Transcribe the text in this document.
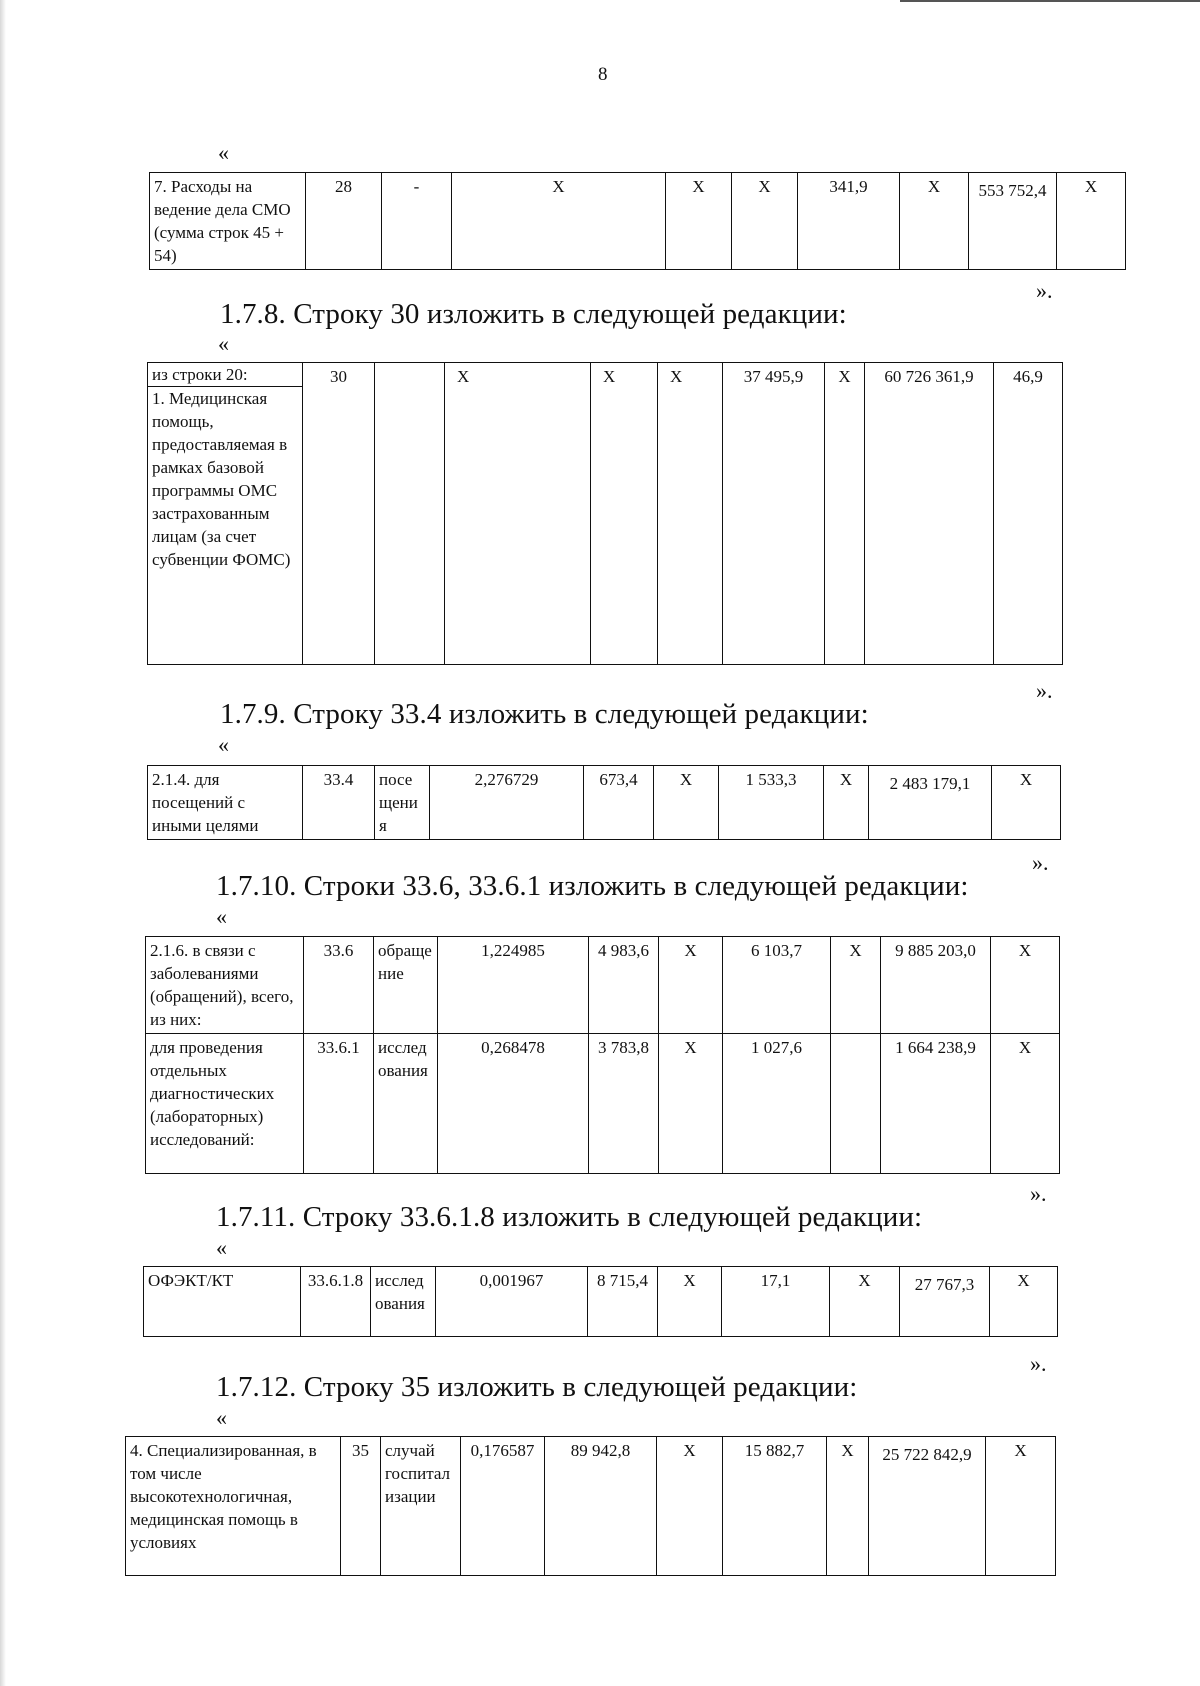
8
«
7. Расходы на ведение дела СМО (сумма строк 45 + 54)	28	-	X	X	X	341,9	X	553 752,4	X
».
1.7.8. Строку 30 изложить в следующей редакции:
«
из строки 20:
1. Медицинская помощь, предоставляемая в рамках базовой программы ОМС застрахованным лицам (за счет субвенции ФОМС)
	30		X	X	X	37 495,9	X	60 726 361,9	46,9
».
1.7.9. Строку 33.4 изложить в следующей редакции:
«
2.1.4. для посещений с иными целями	33.4	посещения	2,276729	673,4	X	1 533,3	X	2 483 179,1	X
».
1.7.10. Строки 33.6, 33.6.1 изложить в следующей редакции:
«
2.1.6. в связи с заболеваниями (обращений), всего, из них:	33.6	обращение	1,224985	4 983,6	X	6 103,7	X	9 885 203,0	X
для проведения отдельных диагностических (лабораторных) исследований:	33.6.1	исследования	0,268478	3 783,8	X	1 027,6		1 664 238,9	X
».
1.7.11. Строку 33.6.1.8 изложить в следующей редакции:
«
ОФЭКТ/КТ	33.6.1.8	исследования	0,001967	8 715,4	X	17,1	X	27 767,3	X
».
1.7.12. Строку 35 изложить в следующей редакции:
«
4. Специализированная, в том числе высокотехнологичная, медицинская помощь в условиях	35	случай госпитализации	0,176587	89 942,8	X	15 882,7	X	25 722 842,9	X
